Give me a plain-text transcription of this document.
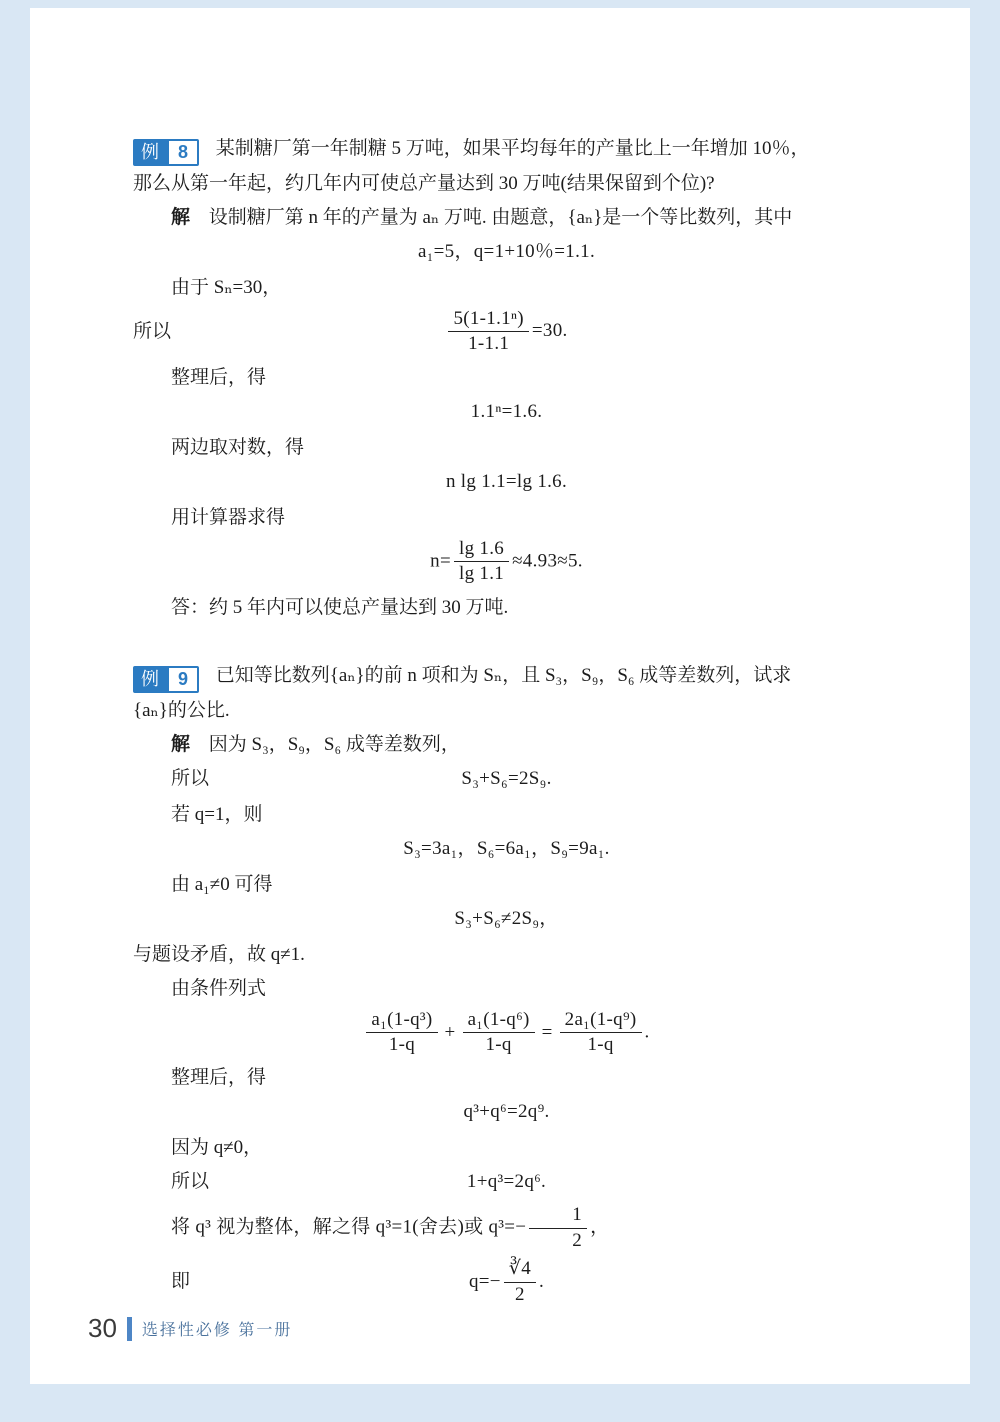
例	8	某制糖厂第一年制糖 5 万吨，如果平均每年的产量比上一年增加 10％，

那么从第一年起，约几年内可使总产量达到 30 万吨(结果保留到个位)?

解 设制糖厂第 n 年的产量为 aₙ 万吨. 由题意，{aₙ}是一个等比数列，其中

a₁=5，q=1+10％=1.1.

由于 Sₙ=30，

所以	$\frac{\text{5(1-1.1ⁿ)}}{1-1.1} =30$.

整理后，得

1.1ⁿ=1.6.

两边取对数，得

n lg 1.1=lg 1.6.

用计算器求得

$n= \frac{\lg 1.6}{\lg 1.1} \approx 4.93\approx 5$.

答：约 5 年内可以使总产量达到 30 万吨.

例	9	已知等比数列{aₙ}的前 n 项和为 Sₙ，且 S₃，S₉，S₆ 成等差数列，试求

{aₙ}的公比.

解 因为 S₃，S₉，S₆ 成等差数列，

所以	S₃+S₆=2S₉.

若 q=1，则

S₃=3a₁，S₆=6a₁，S₉=9a₁.

由 a₁≠0 可得

S₃+S₆≠2S₉，

与题设矛盾，故 q≠1.

由条件列式

$\frac{\text{a₁(1-q³)}}{1-q} + \frac{\text{a₁(1-q⁶)}}{1-q} = \frac{\text{2a₁(1-q⁹)}}{1-q}$ .

整理后，得

q³+q⁶=2q⁹.

因为 q≠0，

所以	1+q³=2q⁶.

将 q³ 视为整体，解之得 q³=1(舍去)或 $q^3=- \frac{1}{2}$ ，

即	$q=- \frac{∛4}{2}$ .
30 选择性必修 第一册
